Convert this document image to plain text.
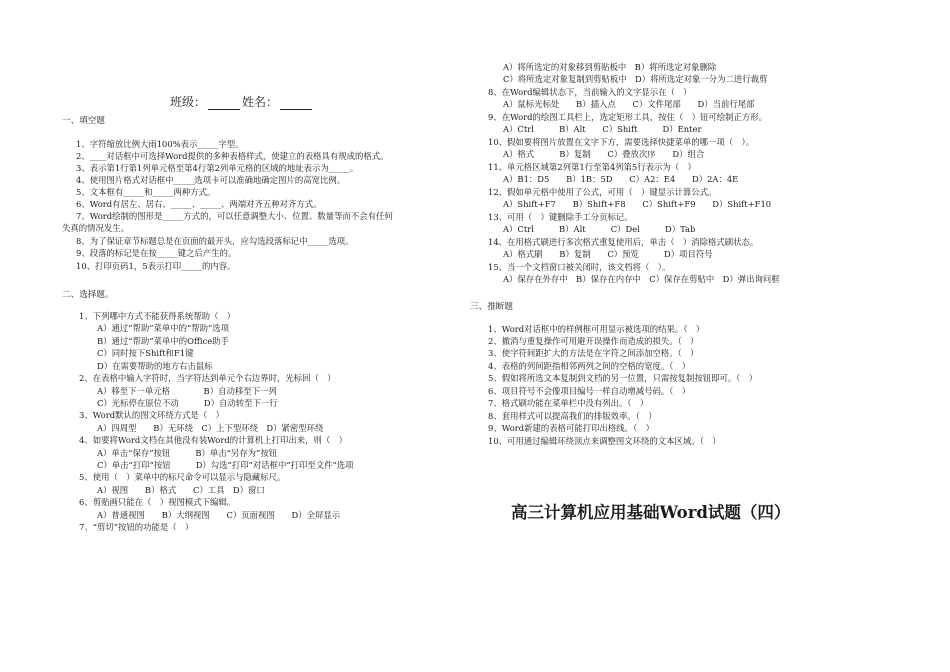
班级：	姓名：
一、填空题
1、字符缩放比例大雨100%表示_____字型。
2、____对话框中可选择Word提供的多种表格样式，使建立的表格具有规成的格式。
3、表示第1行第1列单元格至第4行第2列单元格的区域的地址表示为_____。
4、使用图片格式对话框中_____选项卡可以准确地确定图片的高宽比例。
5、文本框有_____和_____两种方式。
6、Word有居左、居右、_____、_____、两端对齐五种对齐方式。
7、Word绘制的图形是_____方式的，可以任意调整大小、位置、数量等而不会有任何
失真的情况发生。
8、为了保证章节标题总是在页面的最开头，应勾选段落标记中_____选项。
9、段落的标记是在按_____键之后产生的。
10、打印页码1，5表示打印_____的内容。
二、选择题。
1、下列哪中方式不能获得系统帮助（　）
A）通过“帮助”菜单中的“帮助”选项
B）通过“帮助”菜单中的Office助手
C）同时按下Shift和F1键
D）在需要帮助的地方右击鼠标
2、在表格中输入字符时，当字符达到单元个右边界时，光标回（　）
A）移至下一单元格　　　　B）自动移至下一列
C）光标停在原位不动　　　D）自动转至下一行
3、Word默认的图文环绕方式是（　）
A）四周型　　B）无环绕　C）上下型环绕　D）紧密型环绕
4、如要将Word文档在其他没有装Word的计算机上打印出来，则（　）
A）单击“保存”按钮　　　B）单击“另存为”按钮
C）单击“打印”按钮　　　D）勾选“打印”对话框中“打印至文件”选项
5、使用（　）菜单中的标尺命令可以显示与隐藏标尺。
A）视图　　B）格式　　C）工具　D）窗口
6、剪贴画只能在（　）视图模式下编辑。
A）普通视图　　B）大纲视图　　C）页面视图　　D）全屏显示
7、“剪切”按钮的功能是（　）
A）将所选定的对象移到剪贴板中　B）将所选定对象删除
C）将所选定对象复制到剪贴板中　D）将所选定对象一分为二进行裁剪
8、在Word编辑状态下，当前输入的文字显示在（　）
A）鼠标光标处　　B）插入点　　C）文件尾部　　D）当前行尾部
9、在Word的绘图工具栏上，选定矩形工具，按住（　）钮可绘制正方形。
A）Ctrl　　　B）Alt　　C）Shift　　　D）Enter
10、假如要将图片放置在文字下方，需要选择快捷菜单的哪一项（　）。
A）格式　　　B）复制　　C）叠放次序　　D）组合
11、单元格区域第2列第1行至第4列第5行表示为（　）
A）B1：D5　　B）1B：5D　　C）A2：E4　　D）2A：4E
12、假如单元格中使用了公式，可用（　）键显示计算公式。
A）Shift+F7　　B）Shift+F8　　C）Shift+F9　　D）Shift+F10
13、可用（　）键删除手工分页标记。
A）Ctrl　　　B）Alt　　　C）Del　　　D）Tab
14、在用格式刷进行多次格式重复使用后，单击（　）消除格式刷状态。
A）格式刷　　B）复制　　C）预览　　　D）项目符号
15、当一个文档窗口被关闭时，该文档将（　）。
A）保存在外存中　B）保存在内存中　C）保存在剪贴中　D）弹出询问框
三、推断题
1、Word对话框中的样例框可用显示被选项的结果。（　）
2、撤消与重复操作可用避开误操作而造成的损失。（　）
3、使字符间距扩大的方法是在字符之间添加空格。（　）
4、表格的列间距指相邻两列之间的空格的宽度。（　）
5、假如将所选文本复制到文档的另一位置，只需按复制按钮即可。（　）
6、项目符号不会像项目编号一样自动增减号码。（　）
7、格式刷功能在菜单栏中没有列出。（　）
8、套用样式可以提高我们的排版效率。（　）
9、Word新建的表格可能打印出格线。（　）
10、可用通过编辑环绕顶点来调整图文环绕的文本区域。（　）
高三计算机应用基础Word试题（四）
